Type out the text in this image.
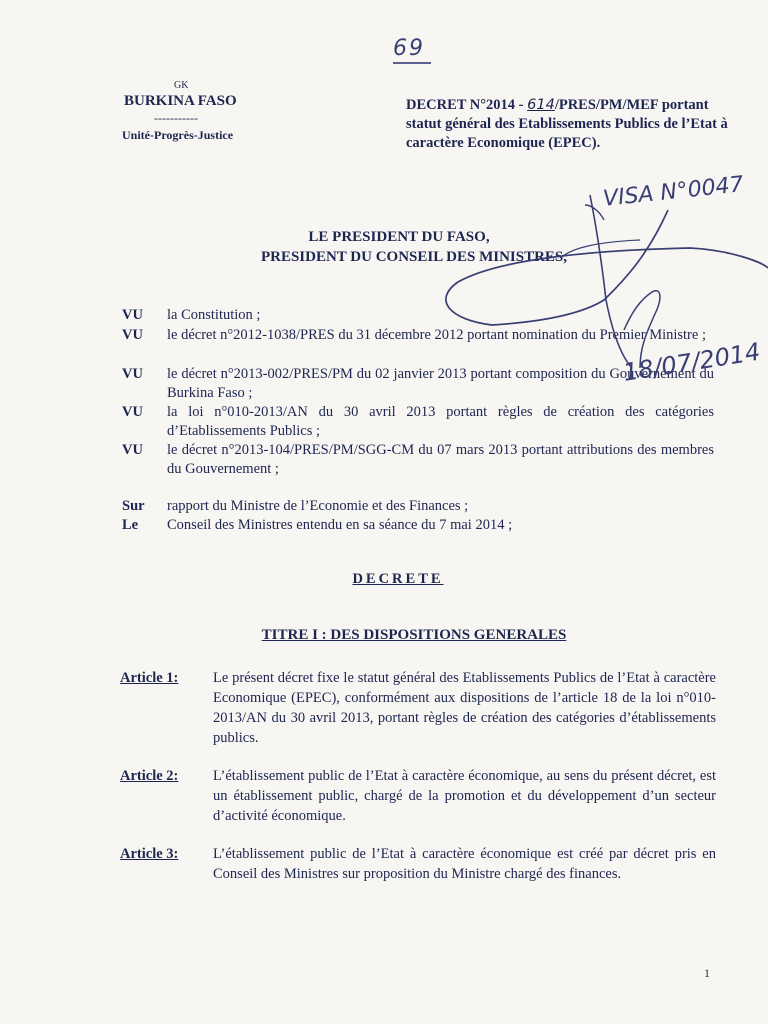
69
GK
BURKINA FASO
-----------
Unité-Progrès-Justice
DECRET N°2014 - 614/PRES/PM/MEF portant statut général des Etablissements Publics de l’Etat à caractère Economique (EPEC).
LE PRESIDENT DU FASO,
PRESIDENT DU CONSEIL DES MINISTRES,
VU la Constitution ;
VU le décret n°2012-1038/PRES du 31 décembre 2012 portant nomination du Premier Ministre ;
VU le décret n°2013-002/PRES/PM du 02 janvier 2013 portant composition du Gouvernement du Burkina Faso ;
VU la loi n°010-2013/AN du 30 avril 2013 portant règles de création des catégories d’Etablissements Publics ;
VU le décret n°2013-104/PRES/PM/SGG-CM du 07 mars 2013 portant attributions des membres du Gouvernement ;
Sur rapport du Ministre de l’Economie et des Finances ;
Le Conseil des Ministres entendu en sa séance du 7 mai 2014 ;
DECRETE
TITRE I : DES DISPOSITIONS GENERALES
Article 1: Le présent décret fixe le statut général des Etablissements Publics de l’Etat à caractère Economique (EPEC), conformément aux dispositions de l’article 18 de la loi n°010-2013/AN du 30 avril 2013, portant règles de création des catégories d’établissements publics.
Article 2: L’établissement public de l’Etat à caractère économique, au sens du présent décret, est un établissement public, chargé de la promotion et du développement d’un secteur d’activité économique.
Article 3: L’établissement public de l’Etat à caractère économique est créé par décret pris en Conseil des Ministres sur proposition du Ministre chargé des finances.
1
VISA N°0047
18/07/2014
